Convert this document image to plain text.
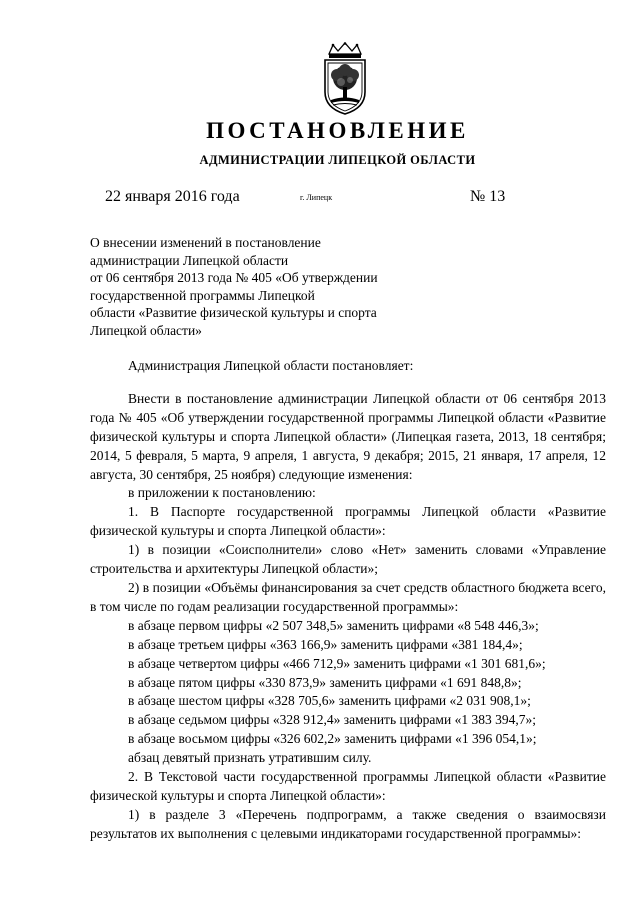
ПОСТАНОВЛЕНИЕ
АДМИНИСТРАЦИИ ЛИПЕЦКОЙ ОБЛАСТИ
22 января 2016 года	г. Липецк	№ 13
О внесении изменений в постановление
администрации Липецкой области
от 06 сентября 2013 года № 405 «Об утверждении
государственной программы Липецкой
области «Развитие физической культуры и спорта
Липецкой области»

Администрация Липецкой области постановляет:

Внести в постановление администрации Липецкой области от 06 сентября 2013 года № 405 «Об утверждении государственной программы Липецкой области «Развитие физической культуры и спорта Липецкой области» (Липецкая газета, 2013, 18 сентября; 2014, 5 февраля, 5 марта, 9 апреля, 1 августа, 9 декабря; 2015, 21 января, 17 апреля, 12 августа, 30 сентября, 25 ноября) следующие изменения:

в приложении к постановлению:

1. В Паспорте государственной программы Липецкой области «Развитие физической культуры и спорта Липецкой области»:

1) в позиции «Соисполнители» слово «Нет» заменить словами «Управление строительства и архитектуры Липецкой области»;

2) в позиции «Объёмы финансирования за счет средств областного бюджета всего, в том числе по годам реализации государственной программы»:

в абзаце первом цифры «2 507 348,5» заменить цифрами «8 548 446,3»;

в абзаце третьем цифры «363 166,9» заменить цифрами «381 184,4»;

в абзаце четвертом цифры «466 712,9» заменить цифрами «1 301 681,6»;

в абзаце пятом цифры «330 873,9» заменить цифрами «1 691 848,8»;

в абзаце шестом цифры «328 705,6» заменить цифрами «2 031 908,1»;

в абзаце седьмом цифры «328 912,4» заменить цифрами «1 383 394,7»;

в абзаце восьмом цифры «326 602,2» заменить цифрами «1 396 054,1»;

абзац девятый признать утратившим силу.

2. В Текстовой части государственной программы Липецкой области «Развитие физической культуры и спорта Липецкой области»:

1) в разделе 3 «Перечень подпрограмм, а также сведения о взаимосвязи результатов их выполнения с целевыми индикаторами государственной программы»:
